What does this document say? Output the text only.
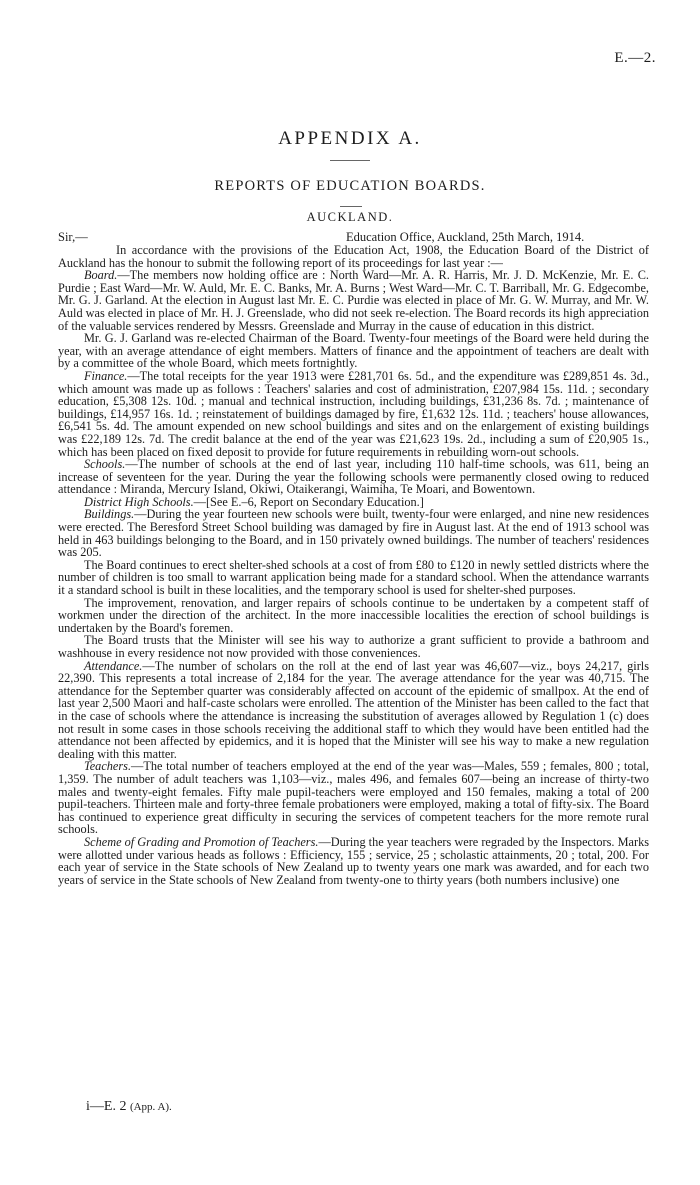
E.—2.
APPENDIX A.
REPORTS OF EDUCATION BOARDS.
AUCKLAND.
Sir,—	Education Office, Auckland, 25th March, 1914.

In accordance with the provisions of the Education Act, 1908, the Education Board of the District of Auckland has the honour to submit the following report of its proceedings for last year :—

Board.—The members now holding office are : North Ward—Mr. A. R. Harris, Mr. J. D. McKenzie, Mr. E. C. Purdie ; East Ward—Mr. W. Auld, Mr. E. C. Banks, Mr. A. Burns ; West Ward—Mr. C. T. Barriball, Mr. G. Edgecombe, Mr. G. J. Garland. At the election in August last Mr. E. C. Purdie was elected in place of Mr. G. W. Murray, and Mr. W. Auld was elected in place of Mr. H. J. Greenslade, who did not seek re-election. The Board records its high appreciation of the valuable services rendered by Messrs. Greenslade and Murray in the cause of education in this district.

Mr. G. J. Garland was re-elected Chairman of the Board. Twenty-four meetings of the Board were held during the year, with an average attendance of eight members. Matters of finance and the appointment of teachers are dealt with by a committee of the whole Board, which meets fortnightly.

Finance.—The total receipts for the year 1913 were £281,701 6s. 5d., and the expenditure was £289,851 4s. 3d., which amount was made up as follows : Teachers' salaries and cost of administration, £207,984 15s. 11d. ; secondary education, £5,308 12s. 10d. ; manual and technical instruction, including buildings, £31,236 8s. 7d. ; maintenance of buildings, £14,957 16s. 1d. ; reinstatement of buildings damaged by fire, £1,632 12s. 11d. ; teachers' house allowances, £6,541 5s. 4d. The amount expended on new school buildings and sites and on the enlargement of existing buildings was £22,189 12s. 7d. The credit balance at the end of the year was £21,623 19s. 2d., including a sum of £20,905 1s., which has been placed on fixed deposit to provide for future requirements in rebuilding worn-out schools.

Schools.—The number of schools at the end of last year, including 110 half-time schools, was 611, being an increase of seventeen for the year. During the year the following schools were permanently closed owing to reduced attendance : Miranda, Mercury Island, Okiwi, Otaikerangi, Waimiha, Te Moari, and Bowentown.

District High Schools.—[See E.–6, Report on Secondary Education.]

Buildings.—During the year fourteen new schools were built, twenty-four were enlarged, and nine new residences were erected. The Beresford Street School building was damaged by fire in August last. At the end of 1913 school was held in 463 buildings belonging to the Board, and in 150 privately owned buildings. The number of teachers' residences was 205.

The Board continues to erect shelter-shed schools at a cost of from £80 to £120 in newly settled districts where the number of children is too small to warrant application being made for a standard school. When the attendance warrants it a standard school is built in these localities, and the temporary school is used for shelter-shed purposes.

The improvement, renovation, and larger repairs of schools continue to be undertaken by a competent staff of workmen under the direction of the architect. In the more inaccessible localities the erection of school buildings is undertaken by the Board's foremen.

The Board trusts that the Minister will see his way to authorize a grant sufficient to provide a bathroom and washhouse in every residence not now provided with those conveniences.

Attendance.—The number of scholars on the roll at the end of last year was 46,607—viz., boys 24,217, girls 22,390. This represents a total increase of 2,184 for the year. The average attendance for the year was 40,715. The attendance for the September quarter was considerably affected on account of the epidemic of smallpox. At the end of last year 2,500 Maori and half-caste scholars were enrolled. The attention of the Minister has been called to the fact that in the case of schools where the attendance is increasing the substitution of averages allowed by Regulation 1 (c) does not result in some cases in those schools receiving the additional staff to which they would have been entitled had the attendance not been affected by epidemics, and it is hoped that the Minister will see his way to make a new regulation dealing with this matter.

Teachers.—The total number of teachers employed at the end of the year was—Males, 559 ; females, 800 ; total, 1,359. The number of adult teachers was 1,103—viz., males 496, and females 607—being an increase of thirty-two males and twenty-eight females. Fifty male pupil-teachers were employed and 150 females, making a total of 200 pupil-teachers. Thirteen male and forty-three female probationers were employed, making a total of fifty-six. The Board has continued to experience great difficulty in securing the services of competent teachers for the more remote rural schools.

Scheme of Grading and Promotion of Teachers.—During the year teachers were regraded by the Inspectors. Marks were allotted under various heads as follows : Efficiency, 155 ; service, 25 ; scholastic attainments, 20 ; total, 200. For each year of service in the State schools of New Zealand up to twenty years one mark was awarded, and for each two years of service in the State schools of New Zealand from twenty-one to thirty years (both numbers inclusive) one

i—E. 2 (App. A).
